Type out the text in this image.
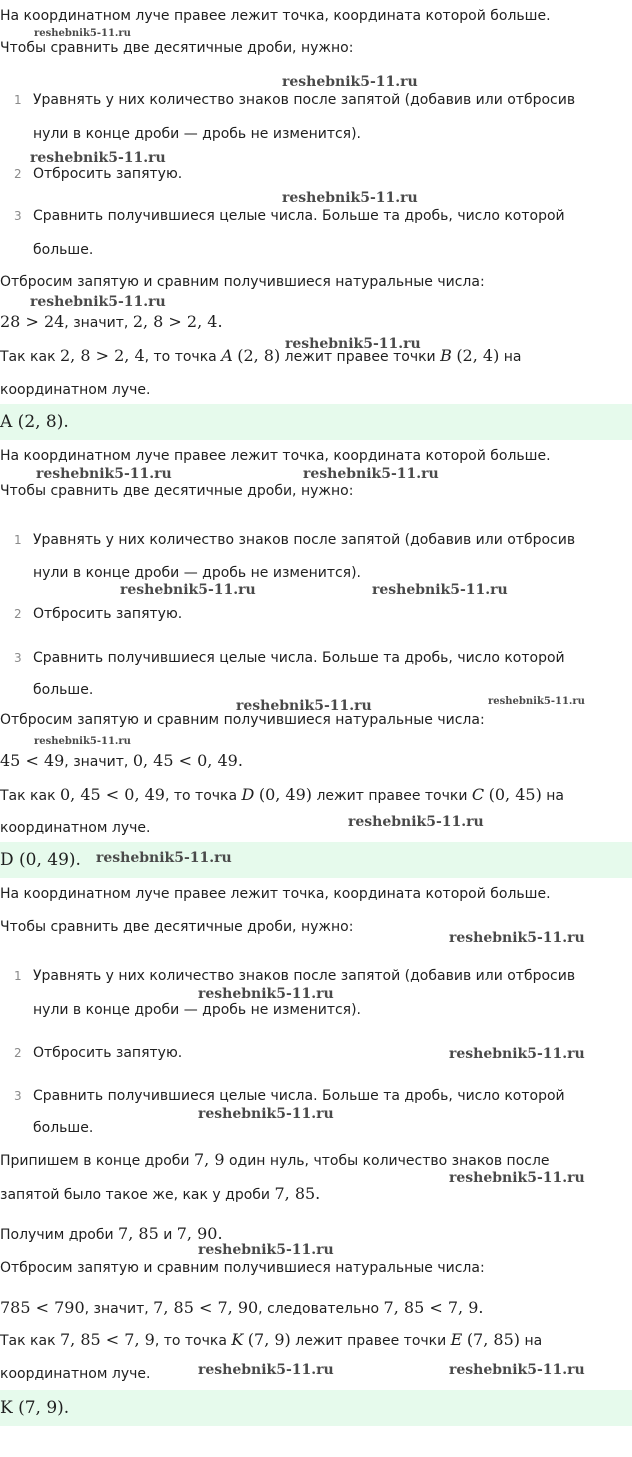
На координатном луче правее лежит точка, координата которой больше.
Чтобы сравнить две десятичные дроби, нужно:
1 Уравнять у них количество знаков после запятой (добавив или отбросив
нули в конце дроби — дробь не изменится).
2 Отбросить запятую.
3 Сравнить получившиеся целые числа. Больше та дробь, число которой
больше.
Отбросим запятую и сравним получившиеся натуральные числа:
28 > 24, значит, 2, 8 > 2, 4.
Так как 2, 8 > 2, 4, то точка A (2, 8) лежит правее точки B (2, 4) на
координатном луче.
A (2, 8).
На координатном луче правее лежит точка, координата которой больше.
Чтобы сравнить две десятичные дроби, нужно:
1 Уравнять у них количество знаков после запятой (добавив или отбросив
нули в конце дроби — дробь не изменится).
2 Отбросить запятую.
3 Сравнить получившиеся целые числа. Больше та дробь, число которой
больше.
Отбросим запятую и сравним получившиеся натуральные числа:
45 < 49, значит, 0, 45 < 0, 49.
Так как 0, 45 < 0, 49, то точка D (0, 49) лежит правее точки C (0, 45) на
координатном луче.
D (0, 49).
На координатном луче правее лежит точка, координата которой больше.
Чтобы сравнить две десятичные дроби, нужно:
1 Уравнять у них количество знаков после запятой (добавив или отбросив
нули в конце дроби — дробь не изменится).
2 Отбросить запятую.
3 Сравнить получившиеся целые числа. Больше та дробь, число которой
больше.
Припишем в конце дроби 7, 9 один нуль, чтобы количество знаков после
запятой было такое же, как у дроби 7, 85.
Получим дроби 7, 85 и 7, 90.
Отбросим запятую и сравним получившиеся натуральные числа:
785 < 790, значит, 7, 85 < 7, 90, следовательно 7, 85 < 7, 9.
Так как 7, 85 < 7, 9, то точка K (7, 9) лежит правее точки E (7, 85) на
координатном луче.
K (7, 9).
reshebnik5-11.ru
reshebnik5-11.ru
reshebnik5-11.ru
reshebnik5-11.ru
reshebnik5-11.ru
reshebnik5-11.ru
reshebnik5-11.ru	reshebnik5-11.ru
reshebnik5-11.ru	reshebnik5-11.ru
reshebnik5-11.ru	reshebnik5-11.ru
reshebnik5-11.ru
reshebnik5-11.ru
reshebnik5-11.ru
reshebnik5-11.ru
reshebnik5-11.ru
reshebnik5-11.ru
reshebnik5-11.ru
reshebnik5-11.ru
reshebnik5-11.ru
reshebnik5-11.ru	reshebnik5-11.ru
